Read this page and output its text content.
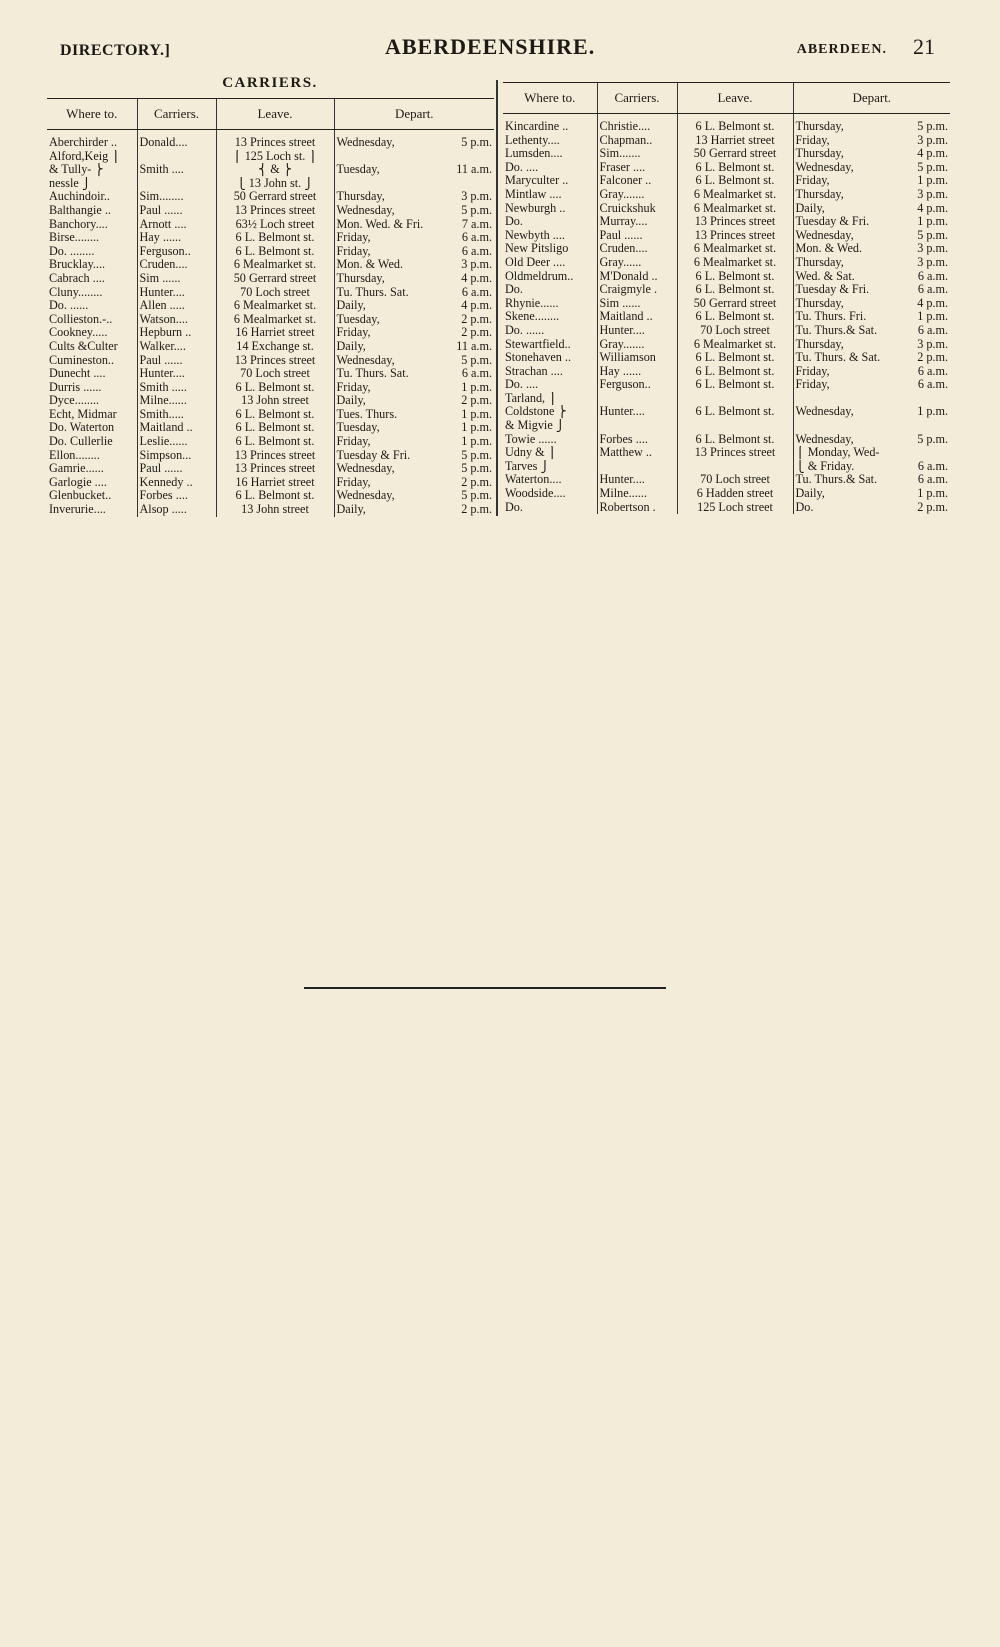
DIRECTORY.]	ABERDEENSHIRE.	ABERDEEN. 21
CARRIERS.
Where to.	Carriers.	Leave.	Depart.
Aberchirder ..	Donald....	13 Princes street	Wednesday, 5 p.m.

Alford,Keig ⎫		⎧ 125 Loch st. ⎫	

& Tully- ⎬	Smith ....	⎨ & ⎬	Tuesday, 11 a.m.

nessle ⎭		⎩ 13 John st. ⎭	

Auchindoir..	Sim........	50 Gerrard street	Thursday, 3 p.m.

Balthangie ..	Paul ......	13 Princes street	Wednesday, 5 p.m.

Banchory....	Arnott ....	63½ Loch street	Mon. Wed. & Fri. 7 a.m.

Birse........	Hay ......	6 L. Belmont st.	Friday, 6 a.m.

Do. ........	Ferguson..	6 L. Belmont st.	Friday, 6 a.m.

Brucklay....	Cruden....	6 Mealmarket st.	Mon. & Wed. 3 p.m.

Cabrach ....	Sim ......	50 Gerrard street	Thursday, 4 p.m.

Cluny........	Hunter....	70 Loch street	Tu. Thurs. Sat. 6 a.m.

Do. ......	Allen .....	6 Mealmarket st.	Daily, 4 p.m.

Collieston.-..	Watson....	6 Mealmarket st.	Tuesday, 2 p.m.

Cookney.....	Hepburn ..	16 Harriet street	Friday, 2 p.m.

Cults &Culter	Walker....	14 Exchange st.	Daily, 11 a.m.

Cumineston..	Paul ......	13 Princes street	Wednesday, 5 p.m.

Dunecht ....	Hunter....	70 Loch street	Tu. Thurs. Sat. 6 a.m.

Durris ......	Smith .....	6 L. Belmont st.	Friday, 1 p.m.

Dyce........	Milne......	13 John street	Daily, 2 p.m.

Echt, Midmar	Smith.....	6 L. Belmont st.	Tues. Thurs. 1 p.m.

Do. Waterton	Maitland ..	6 L. Belmont st.	Tuesday, 1 p.m.

Do. Cullerlie	Leslie......	6 L. Belmont st.	Friday, 1 p.m.

Ellon........	Simpson...	13 Princes street	Tuesday & Fri. 5 p.m.

Gamrie......	Paul ......	13 Princes street	Wednesday, 5 p.m.

Garlogie ....	Kennedy ..	16 Harriet street	Friday, 2 p.m.

Glenbucket..	Forbes ....	6 L. Belmont st.	Wednesday, 5 p.m.

Inverurie....	Alsop .....	13 John street	Daily, 2 p.m.
Where to.	Carriers.	Leave.	Depart.
Kincardine ..	Christie....	6 L. Belmont st.	Thursday, 5 p.m.

Lethenty....	Chapman..	13 Harriet street	Friday, 3 p.m.

Lumsden....	Sim.......	50 Gerrard street	Thursday, 4 p.m.

Do. ....	Fraser ....	6 L. Belmont st.	Wednesday, 5 p.m.

Maryculter ..	Falconer ..	6 L. Belmont st.	Friday, 1 p.m.

Mintlaw ....	Gray.......	6 Mealmarket st.	Thursday, 3 p.m.

Newburgh ..	Cruickshuk	6 Mealmarket st.	Daily, 4 p.m.

Do.	Murray....	13 Princes street	Tuesday & Fri. 1 p.m.

Newbyth ....	Paul ......	13 Princes street	Wednesday, 5 p.m.

New Pitsligo	Cruden....	6 Mealmarket st.	Mon. & Wed. 3 p.m.

Old Deer ....	Gray......	6 Mealmarket st.	Thursday, 3 p.m.

Oldmeldrum..	M'Donald ..	6 L. Belmont st.	Wed. & Sat. 6 a.m.

Do.	Craigmyle .	6 L. Belmont st.	Tuesday & Fri. 6 a.m.

Rhynie......	Sim ......	50 Gerrard street	Thursday, 4 p.m.

Skene........	Maitland ..	6 L. Belmont st.	Tu. Thurs. Fri. 1 p.m.

Do. ......	Hunter....	70 Loch street	Tu. Thurs.& Sat. 6 a.m.

Stewartfield..	Gray.......	6 Mealmarket st.	Thursday, 3 p.m.

Stonehaven ..	Williamson	6 L. Belmont st.	Tu. Thurs. & Sat. 2 p.m.

Strachan ....	Hay ......	6 L. Belmont st.	Friday, 6 a.m.

Do. ....	Ferguson..	6 L. Belmont st.	Friday, 6 a.m.

Tarland, ⎫			

Coldstone ⎬	Hunter....	6 L. Belmont st.	Wednesday, 1 p.m.

& Migvie ⎭			

Towie ......	Forbes ....	6 L. Belmont st.	Wednesday, 5 p.m.

Udny & ⎫	Matthew ..	13 Princes street	⎧ Monday, Wed-

Tarves ⎭			⎩ & Friday. 6 a.m.

Waterton....	Hunter....	70 Loch street	Tu. Thurs.& Sat. 6 a.m.

Woodside....	Milne......	6 Hadden street	Daily, 1 p.m.

Do.	Robertson .	125 Loch street	Do. 2 p.m.
